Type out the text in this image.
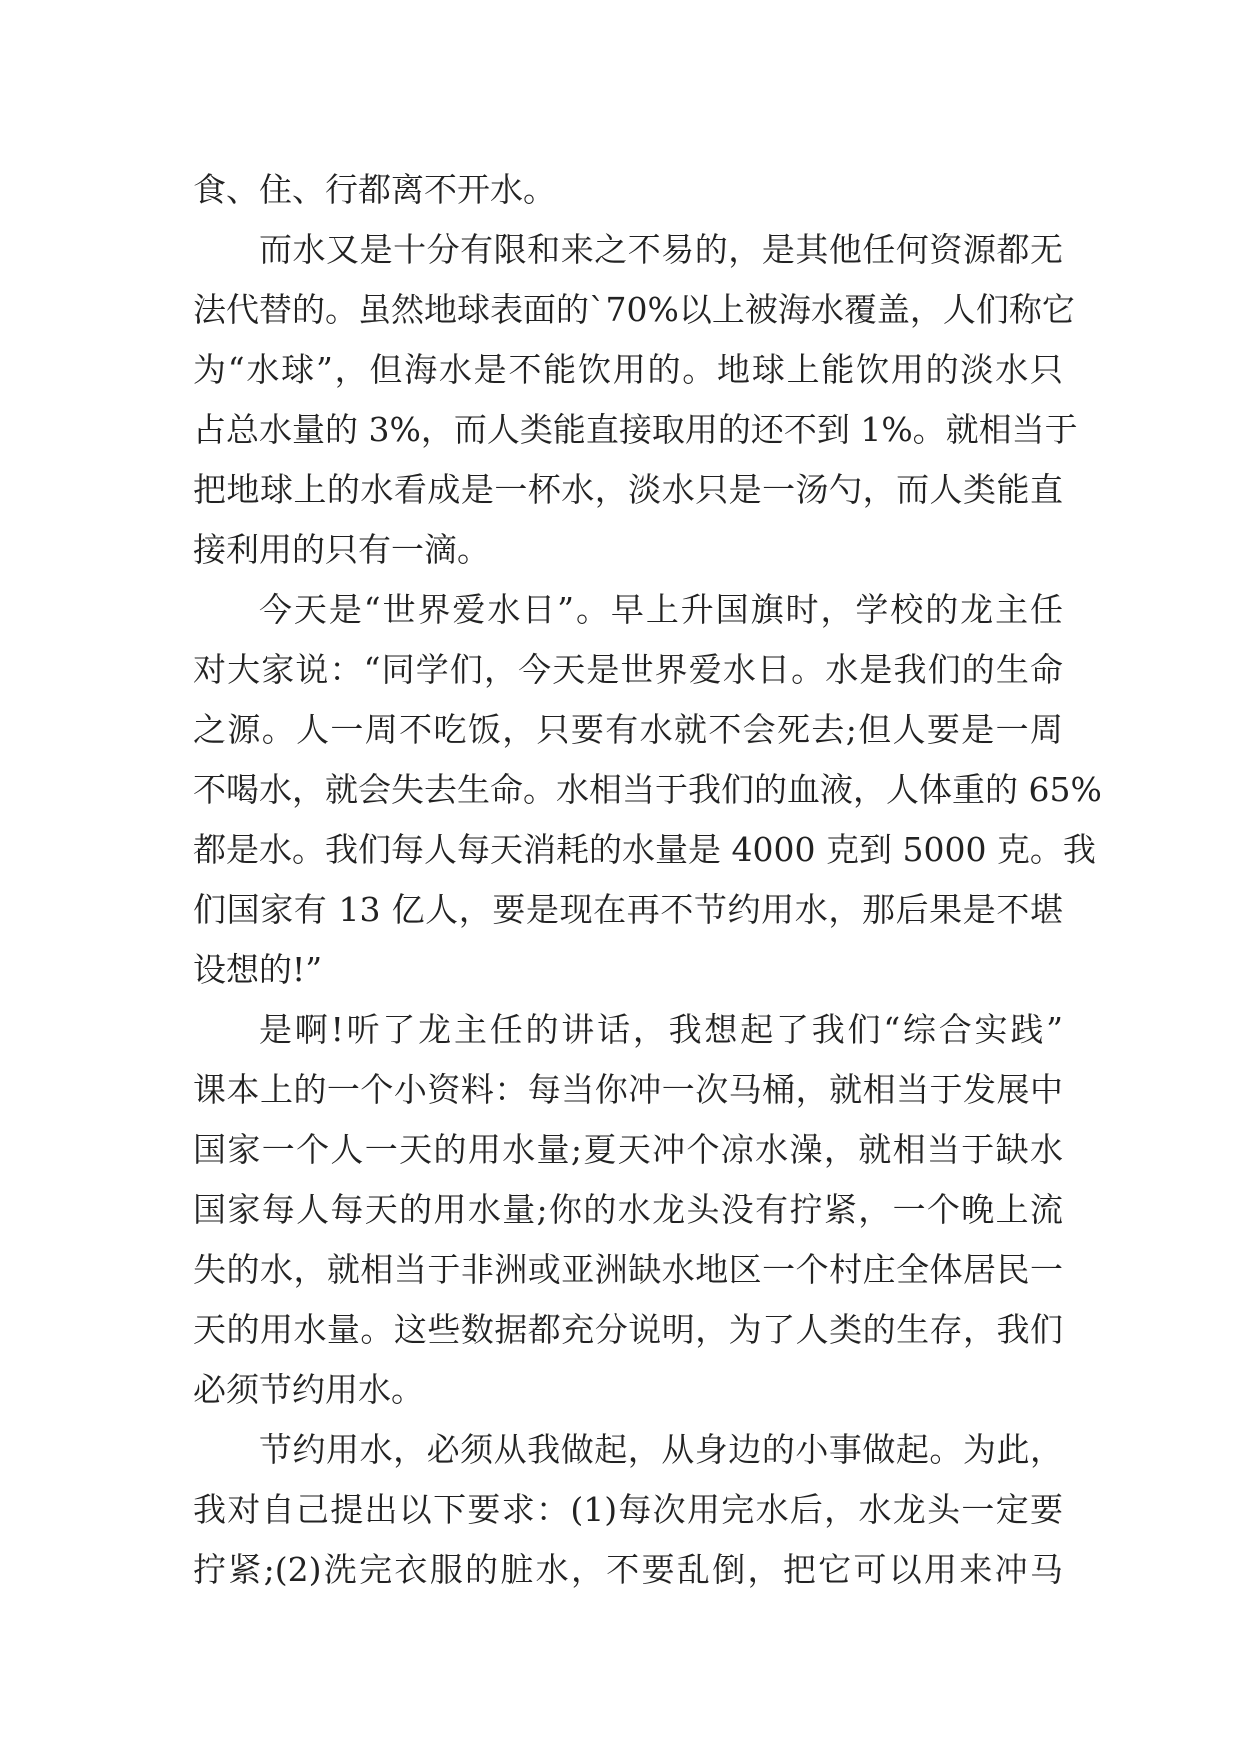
食、住、行都离不开水。
而水又是十分有限和来之不易的，是其他任何资源都无
法代替的。虽然地球表面的`70%以上被海水覆盖，人们称它
为“水球”，但海水是不能饮用的。地球上能饮用的淡水只
占总水量的 3%，而人类能直接取用的还不到 1%。就相当于
把地球上的水看成是一杯水，淡水只是一汤勺，而人类能直
接利用的只有一滴。
今天是“世界爱水日”。早上升国旗时，学校的龙主任
对大家说：“同学们，今天是世界爱水日。水是我们的生命
之源。人一周不吃饭，只要有水就不会死去;但人要是一周
不喝水，就会失去生命。水相当于我们的血液，人体重的 65%
都是水。我们每人每天消耗的水量是 4000 克到 5000 克。我
们国家有 13 亿人，要是现在再不节约用水，那后果是不堪
设想的!”
是啊!听了龙主任的讲话，我想起了我们“综合实践”
课本上的一个小资料：每当你冲一次马桶，就相当于发展中
国家一个人一天的用水量;夏天冲个凉水澡，就相当于缺水
国家每人每天的用水量;你的水龙头没有拧紧，一个晚上流
失的水，就相当于非洲或亚洲缺水地区一个村庄全体居民一
天的用水量。这些数据都充分说明，为了人类的生存，我们
必须节约用水。
节约用水，必须从我做起，从身边的小事做起。为此，
我对自己提出以下要求：(1)每次用完水后，水龙头一定要
拧紧;(2)洗完衣服的脏水，不要乱倒，把它可以用来冲马
